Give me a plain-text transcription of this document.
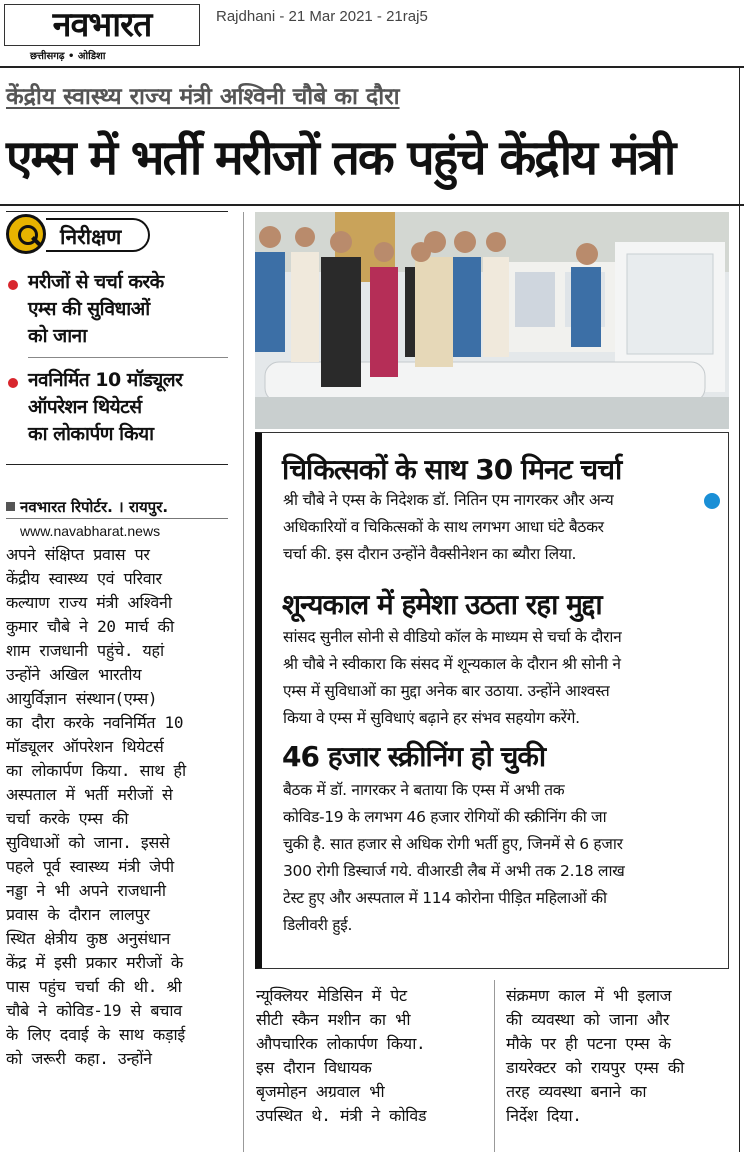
नवभारत
छत्तीसगढ़ • ओडिशा
Rajdhani - 21 Mar 2021 - 21raj5
केंद्रीय स्वास्थ्य राज्य मंत्री अश्विनी चौबे का दौरा
एम्स में भर्ती मरीजों तक पहुंचे केंद्रीय मंत्री
निरीक्षण
मरीजों से चर्चा करके
एम्स की सुविधाओं
को जाना
नवनिर्मित 10 मॉड्यूलर
ऑपरेशन थियेटर्स
का लोकार्पण किया
नवभारत रिपोर्टर. । रायपुर.
www.navabharat.news
अपने संक्षिप्त प्रवास पर
केंद्रीय स्वास्थ्य एवं परिवार
कल्याण राज्य मंत्री अश्विनी
कुमार चौबे ने 20 मार्च की
शाम राजधानी पहुंचे. यहां
उन्होंने अखिल भारतीय
आयुर्विज्ञान संस्थान(एम्स)
का दौरा करके नवनिर्मित 10
मॉड्यूलर ऑपरेशन थियेटर्स
का लोकार्पण किया. साथ ही
अस्पताल में भर्ती मरीजों से
चर्चा करके एम्स की
सुविधाओं को जाना. इससे
पहले पूर्व स्वास्थ्य मंत्री जेपी
नड्डा ने भी अपने राजधानी
प्रवास के दौरान लालपुर
स्थित क्षेत्रीय कुष्ठ अनुसंधान
केंद्र में इसी प्रकार मरीजों के
पास पहुंच चर्चा की थी. श्री
चौबे ने कोविड-19 से बचाव
के लिए दवाई के साथ कड़ाई
को जरूरी कहा. उन्होंने
चिकित्सकों के साथ 30 मिनट चर्चा
श्री चौबे ने एम्स के निदेशक डॉ. नितिन एम नागरकर और अन्य
अधिकारियों व चिकित्सकों के साथ लगभग आधा घंटे बैठकर
चर्चा की. इस दौरान उन्होंने वैक्सीनेशन का ब्यौरा लिया.
शून्यकाल में हमेशा उठता रहा मुद्दा
सांसद सुनील सोनी से वीडियो कॉल के माध्यम से चर्चा के दौरान
श्री चौबे ने स्वीकारा कि संसद में शून्यकाल के दौरान श्री सोनी ने
एम्स में सुविधाओं का मुद्दा अनेक बार उठाया. उन्होंने आश्वस्त
किया वे एम्स में सुविधाएं बढ़ाने हर संभव सहयोग करेंगे.
46 हजार स्क्रीनिंग हो चुकी
बैठक में डॉ. नागरकर ने बताया कि एम्स में अभी तक
कोविड-19 के लगभग 46 हजार रोगियों की स्क्रीनिंग की जा
चुकी है. सात हजार से अधिक रोगी भर्ती हुए, जिनमें से 6 हजार
300 रोगी डिस्चार्ज गये. वीआरडी लैब में अभी तक 2.18 लाख
टेस्ट हुए और अस्पताल में 114 कोरोना पीड़ित महिलाओं की
डिलीवरी हुई.
न्यूक्लियर मेडिसिन में पेट
सीटी स्कैन मशीन का भी
औपचारिक लोकार्पण किया.
इस दौरान विधायक
बृजमोहन अग्रवाल भी
उपस्थित थे. मंत्री ने कोविड
संक्रमण काल में भी इलाज
की व्यवस्था को जाना और
मौके पर ही पटना एम्स के
डायरेक्टर को रायपुर एम्स की
तरह व्यवस्था बनाने का
निर्देश दिया.
